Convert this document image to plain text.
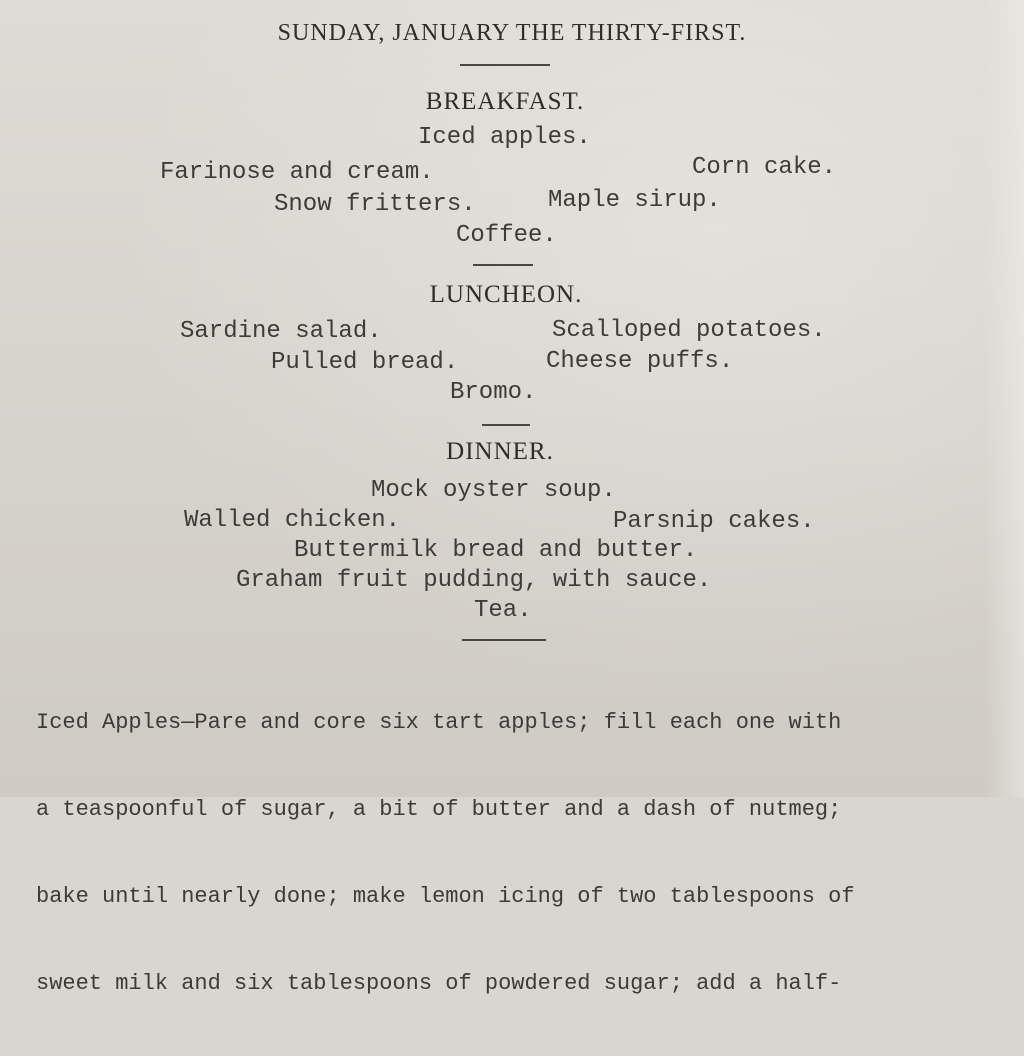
SUNDAY, JANUARY THE THIRTY-FIRST.
BREAKFAST.
Iced apples.
Farinose and cream.	Corn cake.
Snow fritters.	Maple sirup.
Coffee.
LUNCHEON.
Sardine salad.	Scalloped potatoes.
Pulled bread.	Cheese puffs.
Bromo.
DINNER.
Mock oyster soup.
Walled chicken.	Parsnip cakes.
Buttermilk bread and butter.
Graham fruit pudding, with sauce.
Tea.

Iced Apples—Pare and core six tart apples; fill each one with

a teaspoonful of sugar, a bit of butter and a dash of nutmeg;

bake until nearly done; make lemon icing of two tablespoons of

sweet milk and six tablespoons of powdered sugar; add a half-
